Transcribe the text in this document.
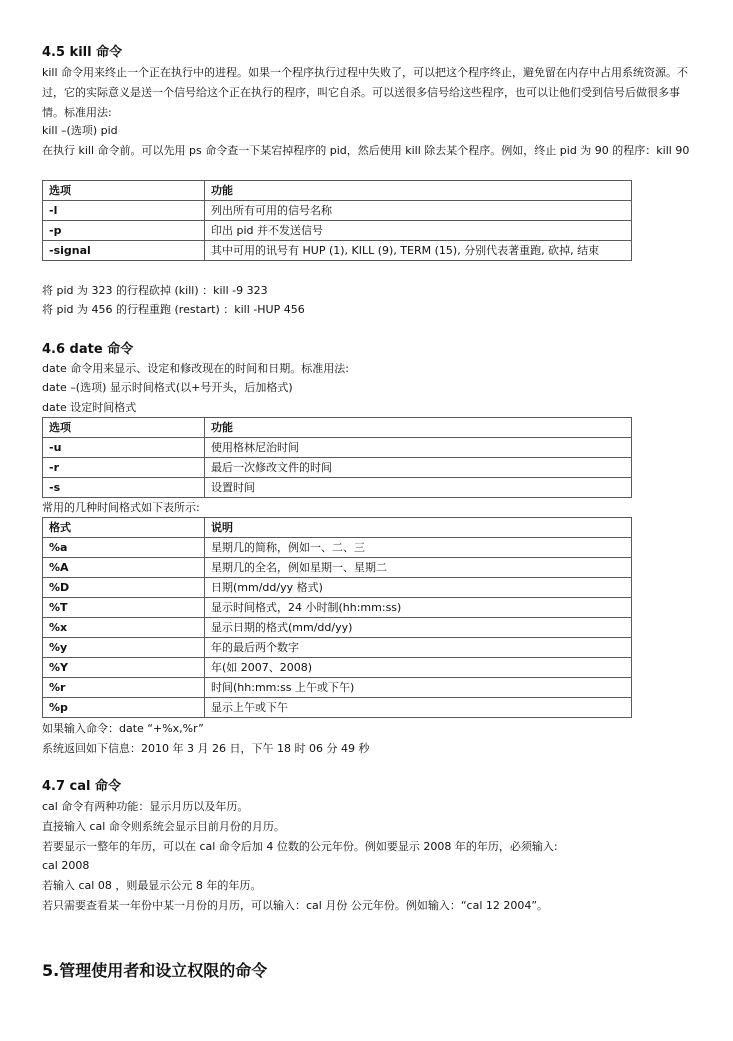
4.5 kill 命令
kill 命令用来终止一个正在执行中的进程。如果一个程序执行过程中失败了，可以把这个程序终止，避免留在内存中占用系统资源。不过，它的实际意义是送一个信号给这个正在执行的程序，叫它自杀。可以送很多信号给这些程序，也可以让他们受到信号后做很多事情。标准用法:
kill –(选项) pid
在执行 kill 命令前。可以先用 ps 命令查一下某宕掉程序的 pid，然后使用 kill 除去某个程序。例如，终止 pid 为 90 的程序：kill 90
选项	功能
-l	列出所有可用的信号名称
-p	印出 pid 并不发送信号
-signal	其中可用的讯号有 HUP (1), KILL (9), TERM (15), 分别代表著重跑, 砍掉, 结束
将 pid 为 323 的行程砍掉 (kill) ：kill -9 323
将 pid 为 456 的行程重跑 (restart) ：kill -HUP 456
4.6 date 命令
date 命令用来显示、设定和修改现在的时间和日期。标准用法:
date –(选项) 显示时间格式(以+号开头，后加格式)
date 设定时间格式
选项	功能
-u	使用格林尼治时间
-r	最后一次修改文件的时间
-s	设置时间
常用的几种时间格式如下表所示:
格式	说明
%a	星期几的简称，例如一、二、三
%A	星期几的全名，例如星期一、星期二
%D	日期(mm/dd/yy 格式)
%T	显示时间格式，24 小时制(hh:mm:ss)
%x	显示日期的格式(mm/dd/yy)
%y	年的最后两个数字
%Y	年(如 2007、2008)
%r	时间(hh:mm:ss 上午或下午)
%p	显示上午或下午
如果输入命令：date “+%x,%r”
系统返回如下信息：2010 年 3 月 26 日，下午 18 时 06 分 49 秒
4.7 cal 命令
cal 命令有两种功能：显示月历以及年历。
直接输入 cal 命令则系统会显示目前月份的月历。
若要显示一整年的年历，可以在 cal 命令后加 4 位数的公元年份。例如要显示 2008 年的年历，必须输入:
cal 2008
若输入 cal 08 ，则最显示公元 8 年的年历。
若只需要查看某一年份中某一月份的月历，可以输入：cal 月份 公元年份。例如输入：“cal 12 2004”。
5.管理使用者和设立权限的命令
